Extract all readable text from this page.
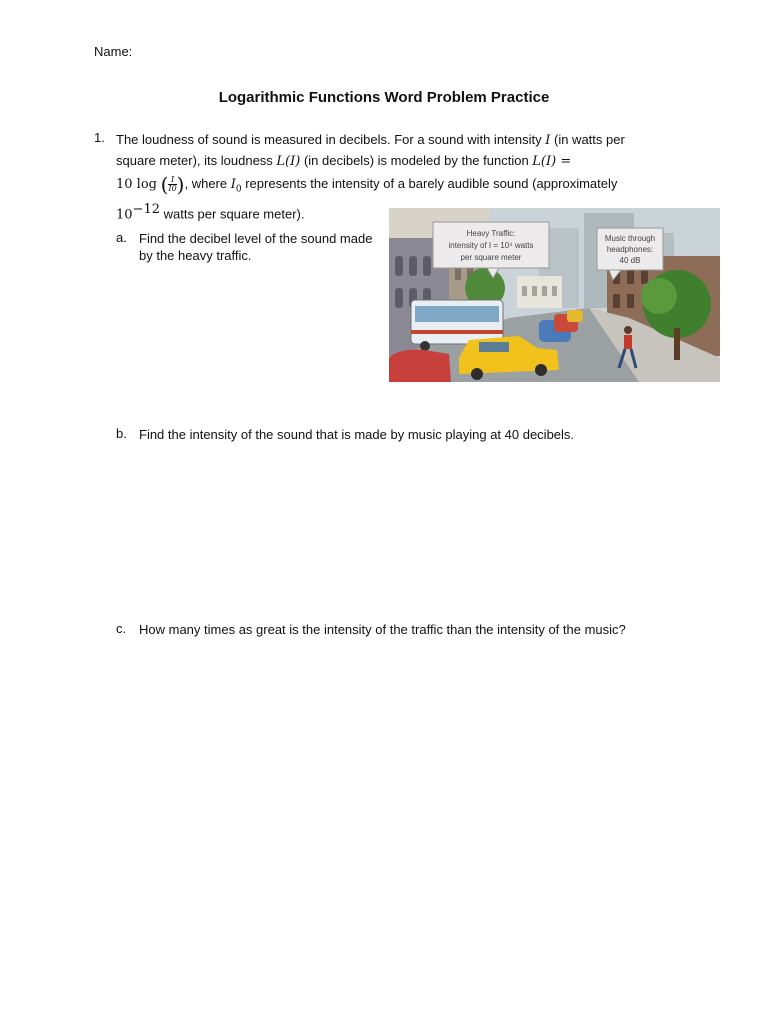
Name:
Logarithmic Functions Word Problem Practice
1. The loudness of sound is measured in decibels. For a sound with intensity I (in watts per
square meter), its loudness L(I) (in decibels) is modeled by the function L(I) =
10 log ( $\frac{I}{I0}$ ), where $I_0$ represents the intensity of a barely audible sound (approximately
$10^{-12}$ watts per square meter).
a. Find the decibel level of the sound made by the heavy traffic.
b. Find the intensity of the sound that is made by music playing at 40 decibels.
c. How many times as great is the intensity of the traffic than the intensity of the music?
Heavy Traffic:
intensity of I = 10⁴ watts
per square meter
Music through
headphones:
40 dB
